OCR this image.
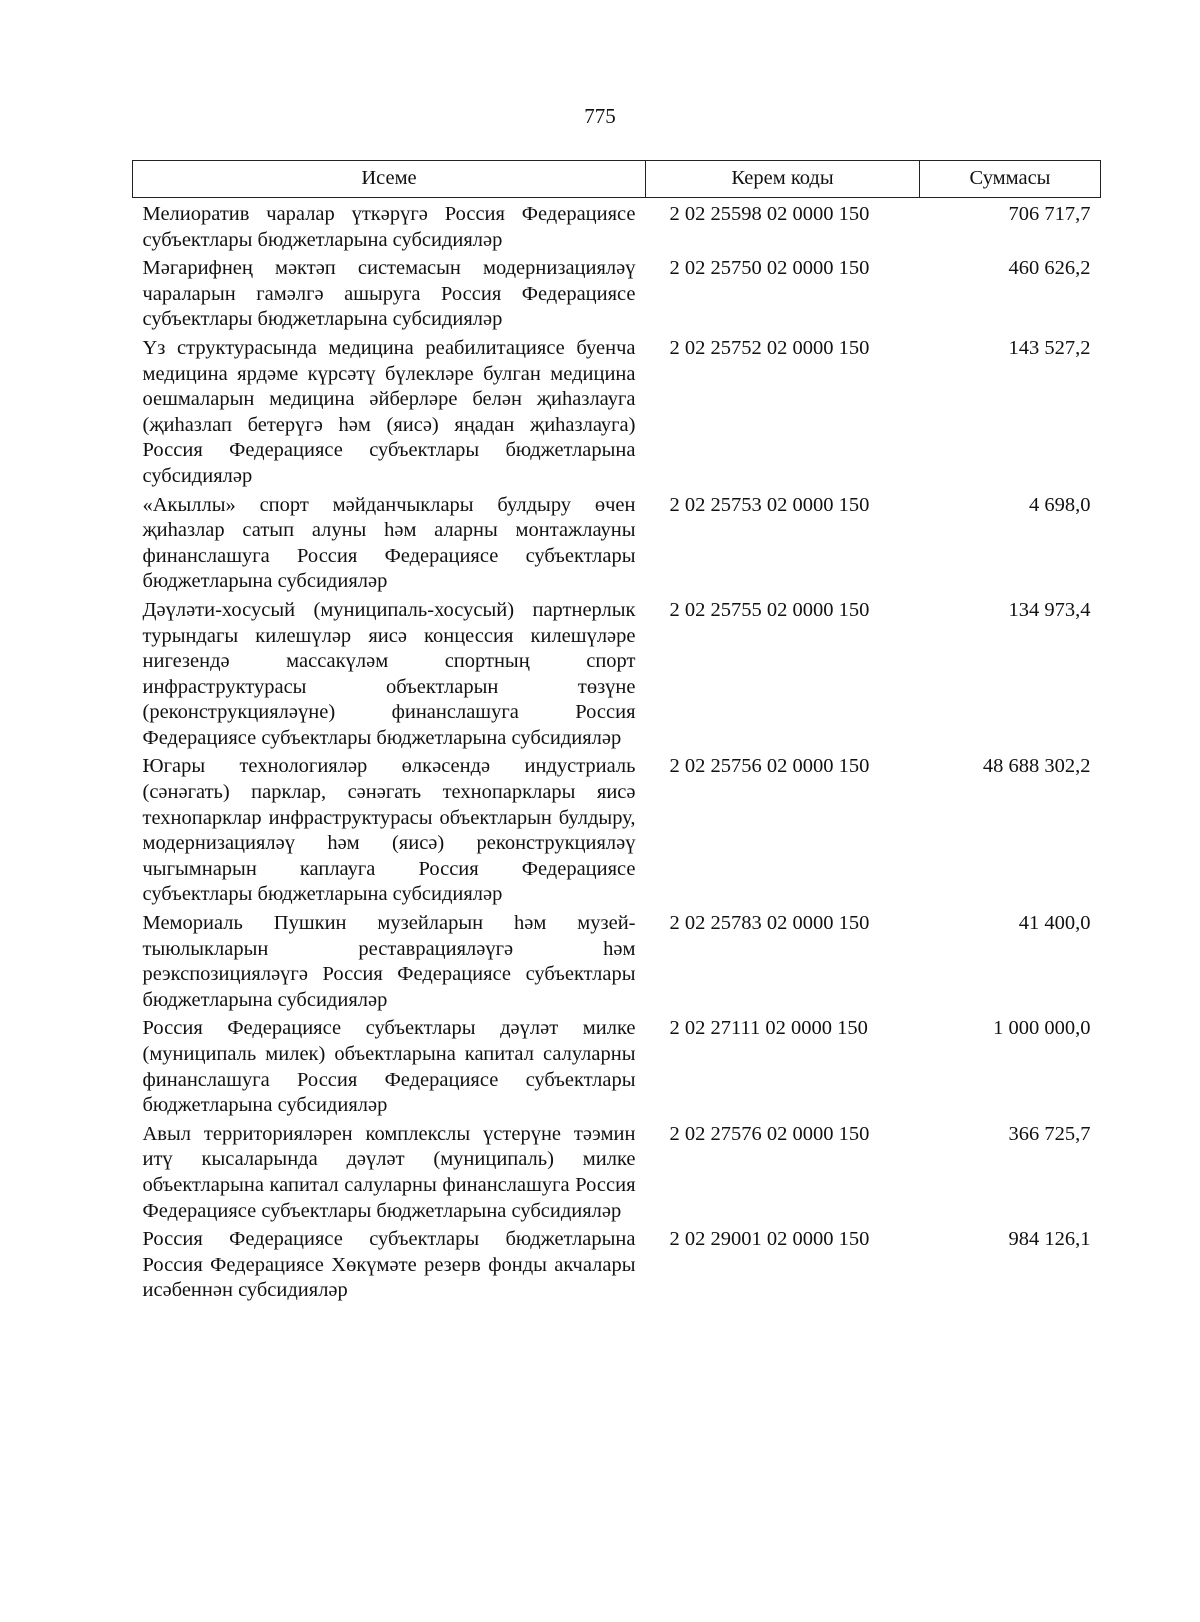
775
Исеме	Керем коды	Суммасы
Мелиоратив чаралар үткәрүгә Россия Федерациясе субъектлары бюджетларына субсидияләр	2 02 25598 02 0000 150	706 717,7
Мәгарифнең мәктәп системасын модернизацияләү чараларын гамәлгә ашыруга Россия Федерациясе субъектлары бюджетларына субсидияләр	2 02 25750 02 0000 150	460 626,2
Үз структурасында медицина реабилитациясе буенча медицина ярдәме күрсәтү бүлекләре булган медицина оешмаларын медицина әйберләре белән җиһазлауга (җиһазлап бетерүгә һәм (яисә) яңадан җиһазлауга) Россия Федерациясе субъектлары бюджетларына субсидияләр	2 02 25752 02 0000 150	143 527,2
«Акыллы» спорт мәйданчыклары булдыру өчен җиһазлар сатып алуны һәм аларны монтажлауны финанслашуга Россия Федерациясе субъектлары бюджетларына субсидияләр	2 02 25753 02 0000 150	4 698,0
Дәүләти-хосусый (муниципаль-хосусый) партнерлык турындагы килешүләр яисә концессия килешүләре нигезендә массакүләм спортның спорт инфраструктурасы объектларын төзүне (реконструкцияләүне) финанслашуга Россия Федерациясе субъектлары бюджетларына субсидияләр	2 02 25755 02 0000 150	134 973,4
Югары технологияләр өлкәсендә индустриаль (сәнәгать) парклар, сәнәгать технопарклары яисә технопарклар инфраструктурасы объектларын булдыру, модернизацияләү һәм (яисә) реконструкцияләү чыгымнарын каплауга Россия Федерациясе субъектлары бюджетларына субсидияләр	2 02 25756 02 0000 150	48 688 302,2
Мемориаль Пушкин музейларын һәм музей-тыюлыкларын реставрацияләүгә һәм реэкспозицияләүгә Россия Федерациясе субъектлары бюджетларына субсидияләр	2 02 25783 02 0000 150	41 400,0
Россия Федерациясе субъектлары дәүләт милке (муниципаль милек) объектларына капитал салуларны финанслашуга Россия Федерациясе субъектлары бюджетларына субсидияләр	2 02 27111 02 0000 150	1 000 000,0
Авыл территорияләрен комплекслы үстерүне тәэмин итү кысаларында дәүләт (муниципаль) милке объектларына капитал салуларны финанслашуга Россия Федерациясе субъектлары бюджетларына субсидияләр	2 02 27576 02 0000 150	366 725,7
Россия Федерациясе субъектлары бюджетларына Россия Федерациясе Хөкүмәте резерв фонды акчалары исәбеннән субсидияләр	2 02 29001 02 0000 150	984 126,1
